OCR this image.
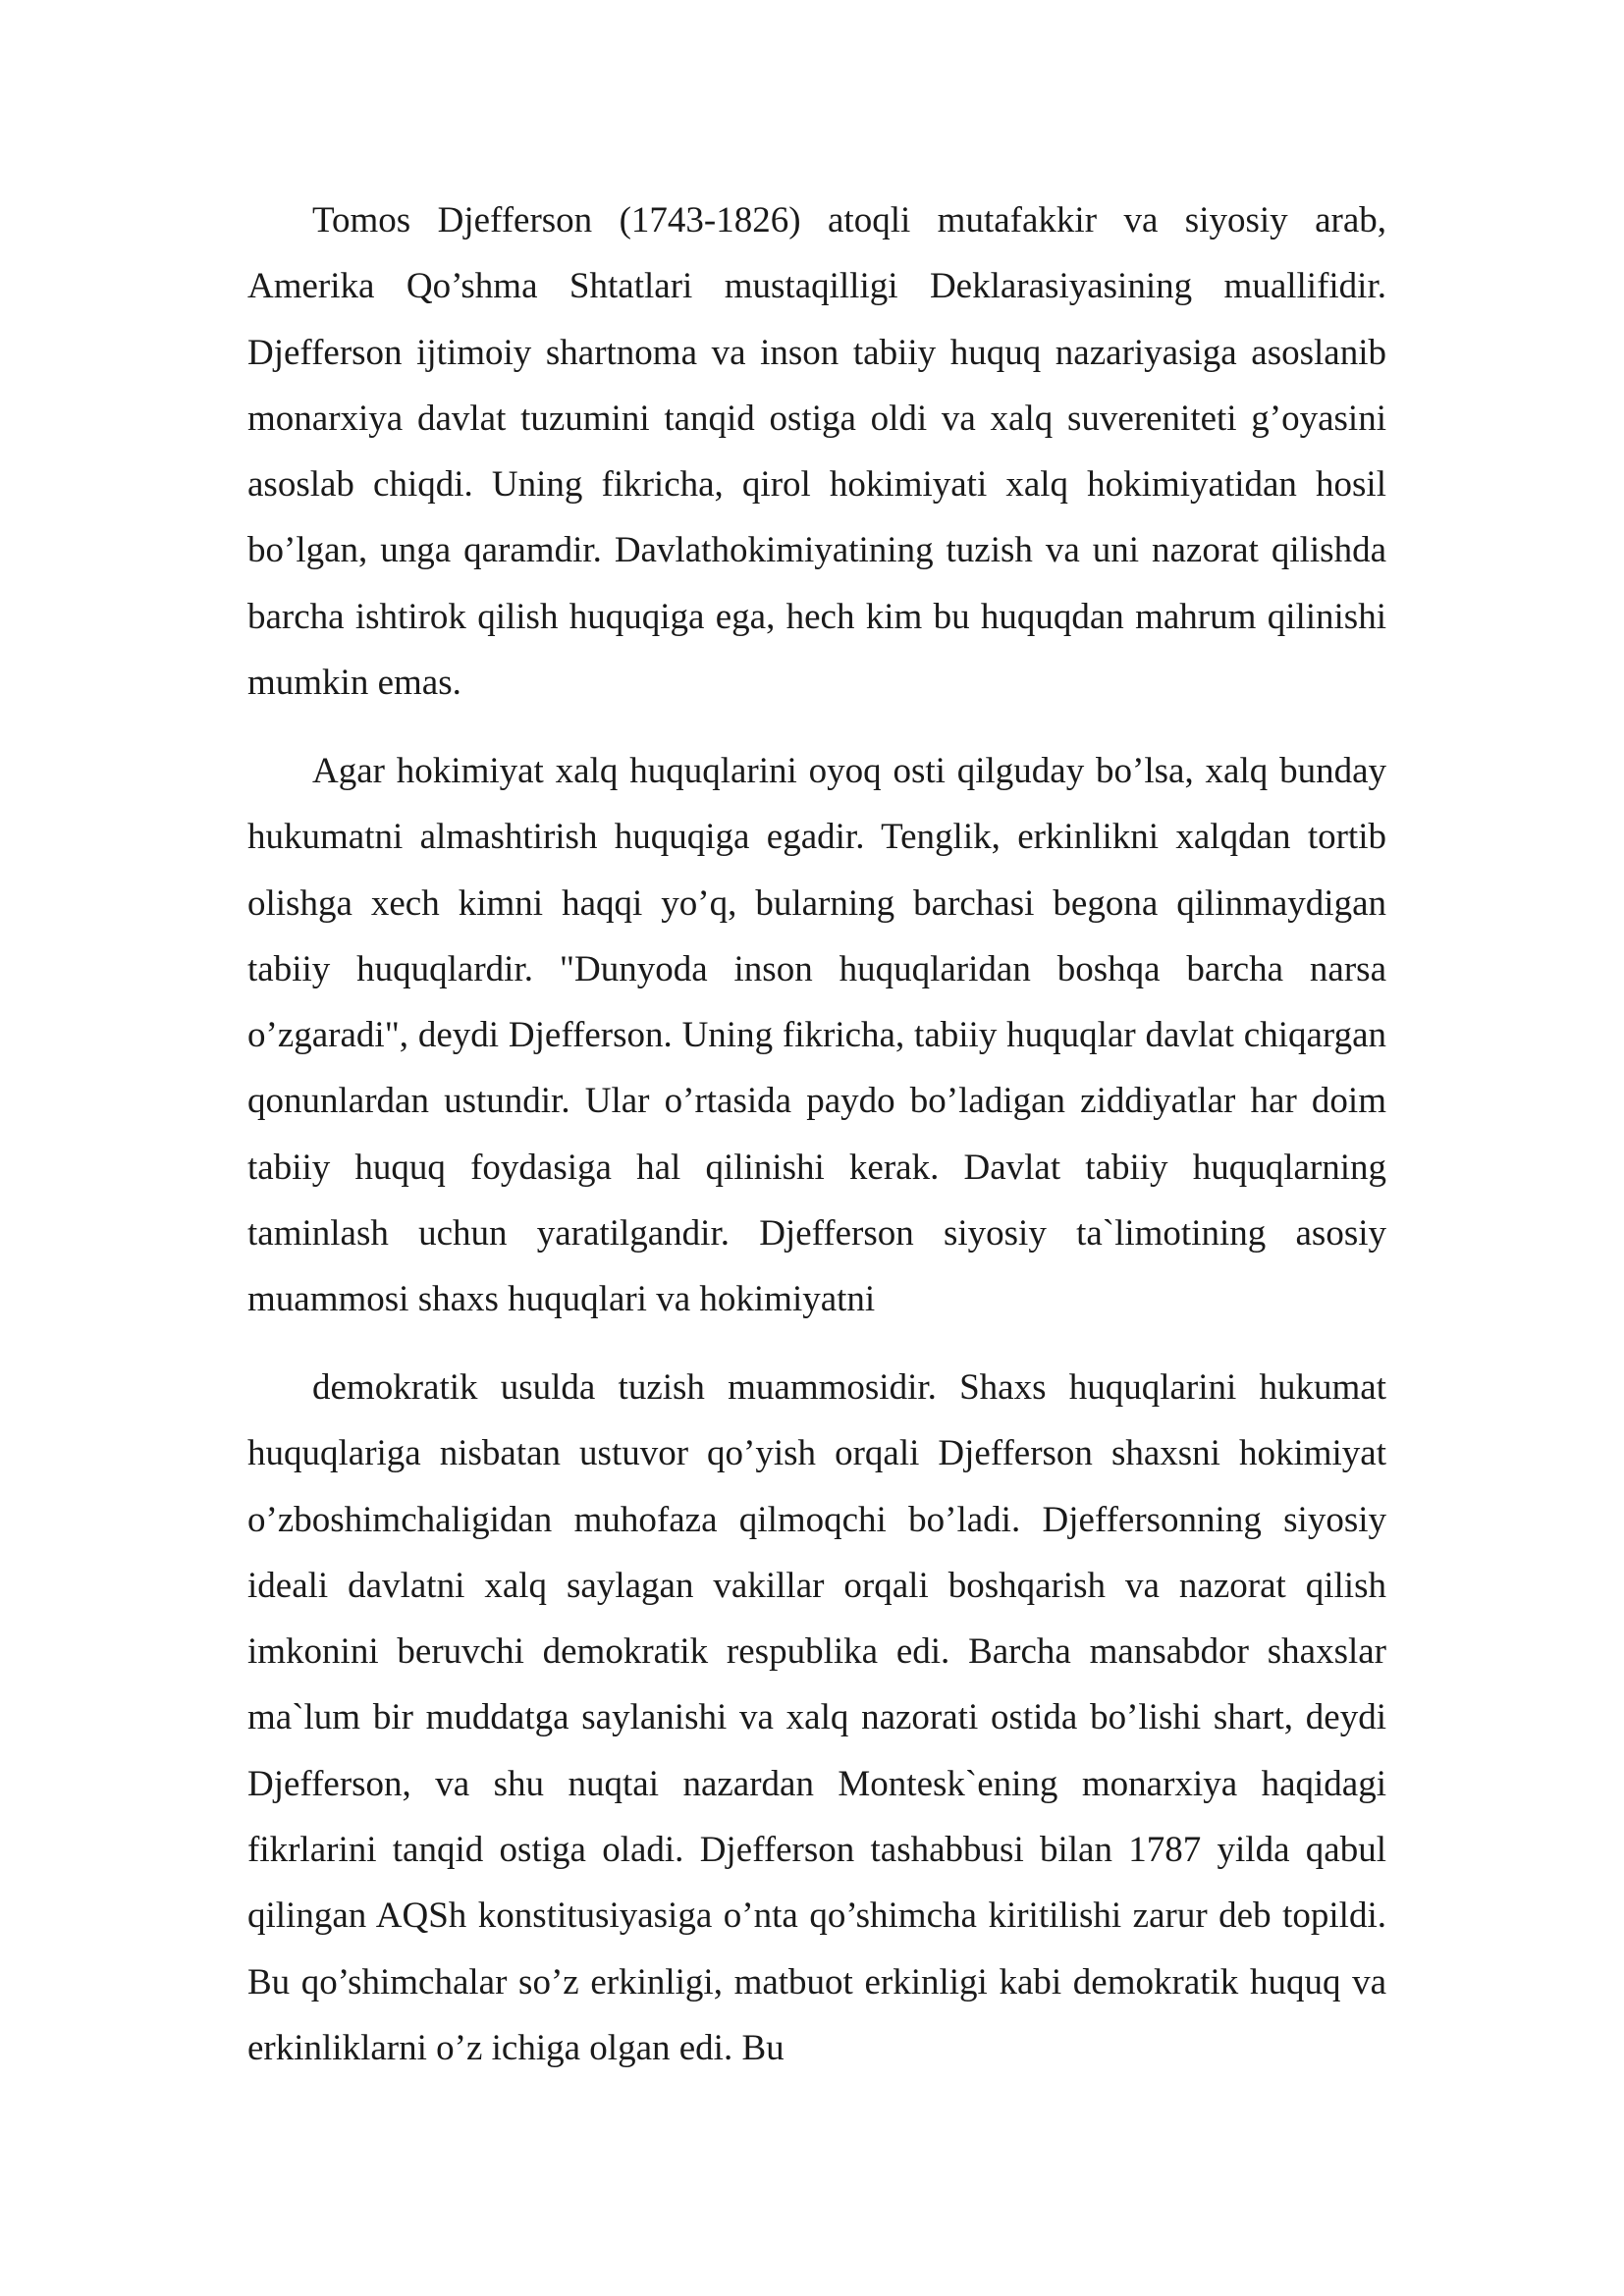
Tomos Djefferson (1743-1826) atoqli mutafakkir va siyosiy arab, Amerika Qo’shma Shtatlari mustaqilligi Deklarasiyasining muallifidir. Djefferson ijtimoiy shartnoma va inson tabiiy huquq nazariyasiga asoslanib monarxiya davlat tuzumini tanqid ostiga oldi va xalq suvereniteti g’oyasini asoslab chiqdi. Uning fikricha, qirol hokimiyati xalq hokimiyatidan hosil bo’lgan, unga qaramdir. Davlathokimiyatining tuzish va uni nazorat qilishda barcha ishtirok qilish huquqiga ega, hech kim bu huquqdan mahrum qilinishi mumkin emas.

Agar hokimiyat xalq huquqlarini oyoq osti qilguday bo’lsa, xalq bunday hukumatni almashtirish huquqiga egadir. Tenglik, erkinlikni xalqdan tortib olishga xech kimni haqqi yo’q, bularning barchasi begona qilinmaydigan tabiiy huquqlardir. "Dunyoda inson huquqlaridan boshqa barcha narsa o’zgaradi", deydi Djefferson. Uning fikricha, tabiiy huquqlar davlat chiqargan qonunlardan ustundir. Ular o’rtasida paydo bo’ladigan ziddiyatlar har doim tabiiy huquq foydasiga hal qilinishi kerak. Davlat tabiiy huquqlarning taminlash uchun yaratilgandir. Djefferson siyosiy ta`limotining asosiy muammosi shaxs huquqlari va hokimiyatni

demokratik usulda tuzish muammosidir. Shaxs huquqlarini hukumat huquqlariga nisbatan ustuvor qo’yish orqali Djefferson shaxsni hokimiyat o’zboshimchaligidan muhofaza qilmoqchi bo’ladi. Djeffersonning siyosiy ideali davlatni xalq saylagan vakillar orqali boshqarish va nazorat qilish imkonini beruvchi demokratik respublika edi. Barcha mansabdor shaxslar ma`lum bir muddatga saylanishi va xalq nazorati ostida bo’lishi shart, deydi Djefferson, va shu nuqtai nazardan Montesk`ening monarxiya haqidagi fikrlarini tanqid ostiga oladi. Djefferson tashabbusi bilan 1787 yilda qabul qilingan AQSh konstitusiyasiga o’nta qo’shimcha kiritilishi zarur deb topildi. Bu qo’shimchalar so’z erkinligi, matbuot erkinligi kabi demokratik huquq va erkinliklarni o’z ichiga olgan edi. Bu
